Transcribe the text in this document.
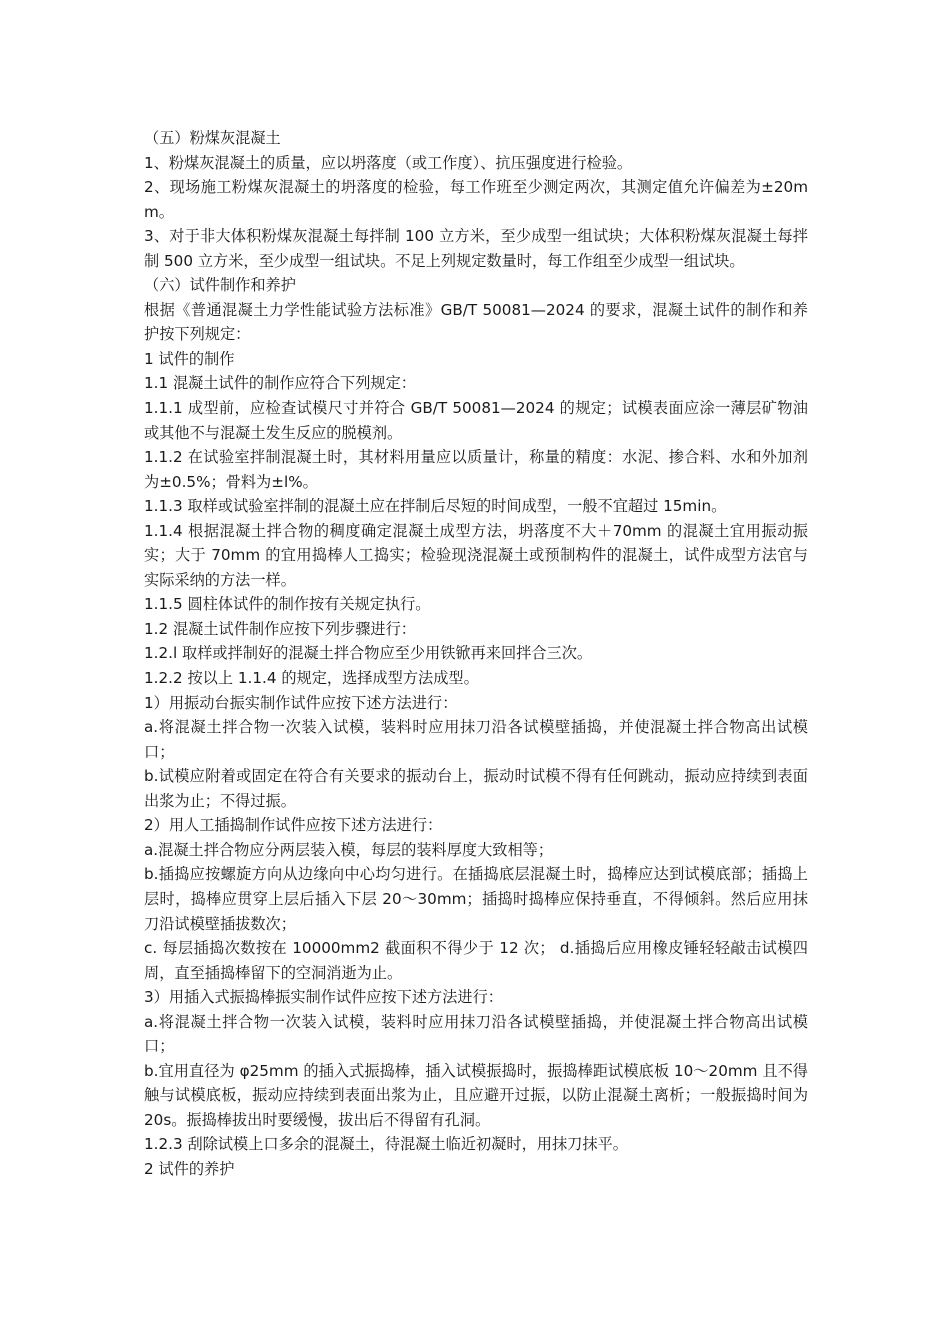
（五）粉煤灰混凝土

1、粉煤灰混凝土的质量，应以坍落度（或工作度）、抗压强度进行检验。

2、现场施工粉煤灰混凝土的坍落度的检验，每工作班至少测定两次，其测定值允许偏差为±20mm。

3、对于非大体积粉煤灰混凝土每拌制 100 立方米，至少成型一组试块；大体积粉煤灰混凝土每拌制 500 立方米，至少成型一组试块。不足上列规定数量时，每工作组至少成型一组试块。

（六）试件制作和养护

根据《普通混凝土力学性能试验方法标准》GB/T 50081—2024 的要求，混凝土试件的制作和养护按下列规定：

1 试件的制作

1.1 混凝土试件的制作应符合下列规定：

1.1.1 成型前，应检查试模尺寸并符合 GB/T 50081—2024 的规定；试模表面应涂一薄层矿物油或其他不与混凝土发生反应的脱模剂。

1.1.2 在试验室拌制混凝土时，其材料用量应以质量计，称量的精度：水泥、掺合料、水和外加剂为±0.5%；骨料为±l%。

1.1.3 取样或试验室拌制的混凝土应在拌制后尽短的时间成型，一般不宜超过 15min。

1.1.4 根据混凝土拌合物的稠度确定混凝土成型方法，坍落度不大＋70mm 的混凝土宜用振动振实；大于 70mm 的宜用捣棒人工捣实；检验现浇混凝土或预制构件的混凝土，试件成型方法官与实际采纳的方法一样。

1.1.5 圆柱体试件的制作按有关规定执行。

1.2 混凝土试件制作应按下列步骤进行：

1.2.l 取样或拌制好的混凝土拌合物应至少用铁锨再来回拌合三次。

1.2.2 按以上 1.1.4 的规定，选择成型方法成型。

1）用振动台振实制作试件应按下述方法进行：

a.将混凝土拌合物一次装入试模，装料时应用抹刀沿各试模壁插捣，并使混凝土拌合物高出试模口；

b.试模应附着或固定在符合有关要求的振动台上，振动时试模不得有任何跳动，振动应持续到表面出浆为止；不得过振。

2）用人工插捣制作试件应按下述方法进行：

a.混凝土拌合物应分两层装入模，每层的装料厚度大致相等；

b.插捣应按螺旋方向从边缘向中心均匀进行。在插捣底层混凝土时，捣棒应达到试模底部；插捣上层时，捣棒应贯穿上层后插入下层 20～30mm；插捣时捣棒应保持垂直，不得倾斜。然后应用抹刀沿试模壁插拔数次；

c. 每层插捣次数按在 10000mm2 截面积不得少于 12 次； d.插捣后应用橡皮锤轻轻敲击试模四周，直至插捣棒留下的空洞消逝为止。

3）用插入式振捣棒振实制作试件应按下述方法进行：

a.将混凝土拌合物一次装入试模，装料时应用抹刀沿各试模壁插捣，并使混凝土拌合物高出试模口；

b.宜用直径为 φ25mm 的插入式振捣棒，插入试模振捣时，振捣棒距试模底板 10～20mm 且不得触与试模底板，振动应持续到表面出浆为止，且应避开过振，以防止混凝土离析；一般振捣时间为 20s。振捣棒拔出时要缓慢，拔出后不得留有孔洞。

1.2.3 刮除试模上口多余的混凝土，待混凝土临近初凝时，用抹刀抹平。

2 试件的养护
